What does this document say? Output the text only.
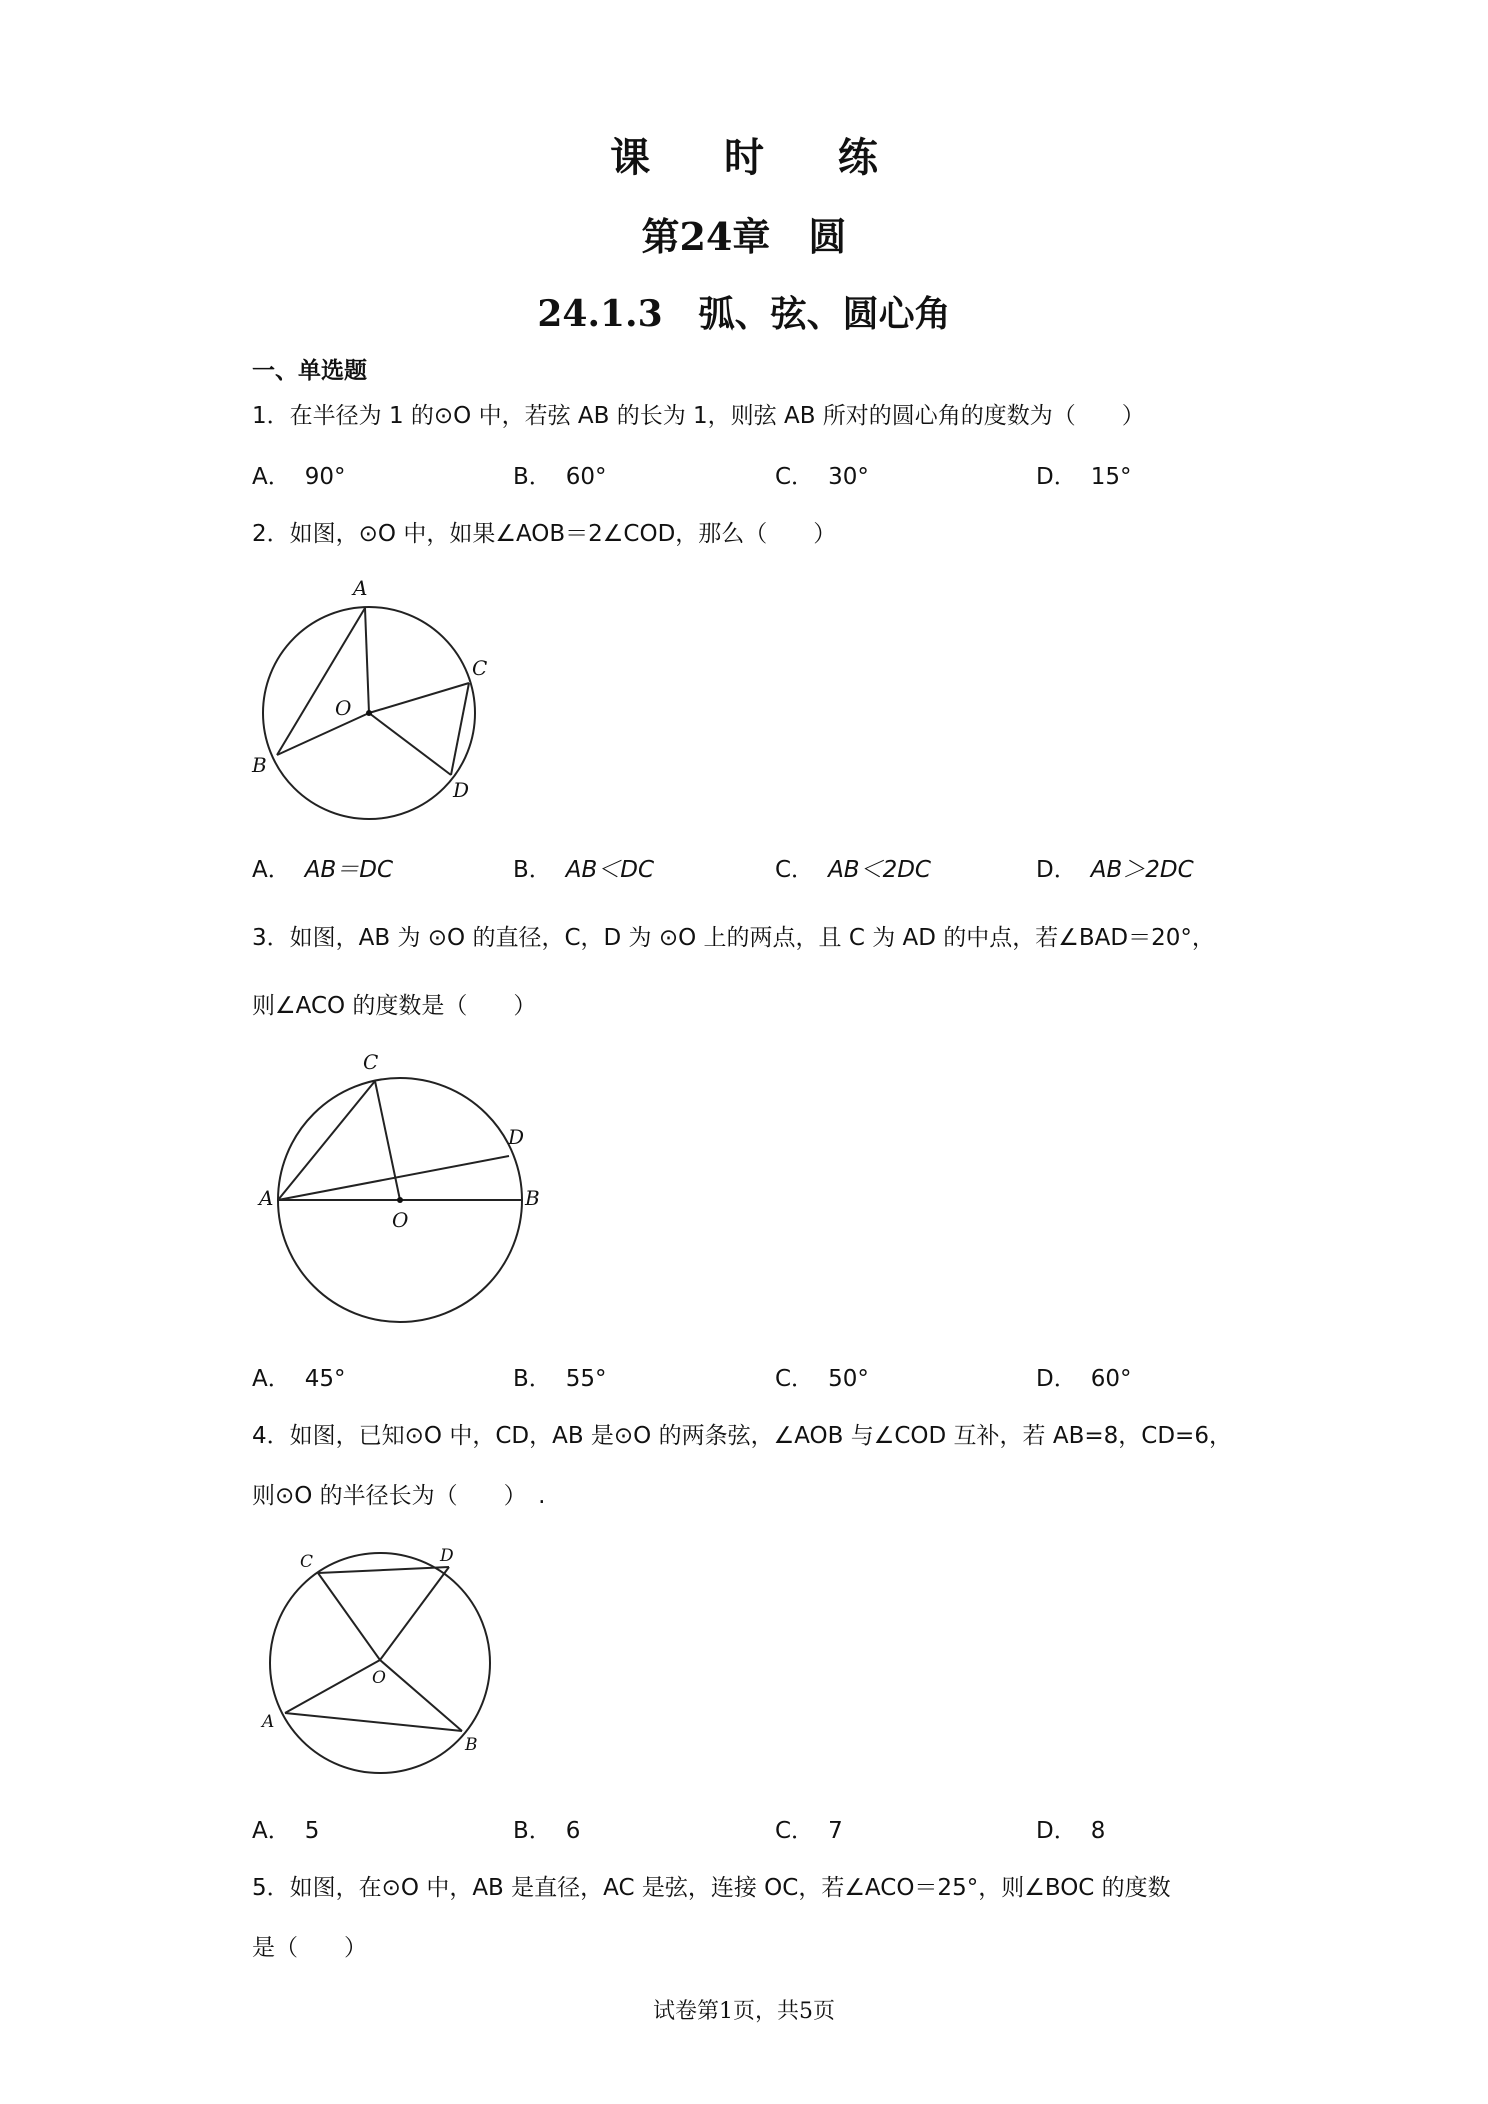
课 时 练
第24章　圆
24.1.3　弧、弦、圆心角
一、单选题
1．在半径为 1 的⊙O 中，若弦 AB 的长为 1，则弦 AB 所对的圆心角的度数为（　　）
A． 90°	B． 60°	C． 30°	D． 15°
2．如图，⊙O 中，如果∠AOB＝2∠COD，那么（　　）
A
B
C
D
O
A． AB＝DC	B． AB＜DC	C． AB＜2DC	D． AB＞2DC
3．如图，AB 为 ⊙O 的直径，C，D 为 ⊙O 上的两点，且 C 为 AD 的中点，若∠BAD＝20°，
则∠ACO 的度数是（　　）
A	B
C
D
O
A． 45°	B． 55°	C． 50°	D． 60°
4．如图，已知⊙O 中，CD，AB 是⊙O 的两条弦，∠AOB 与∠COD 互补，若 AB=8，CD=6，
则⊙O 的半径长为（　　）　.
C	D
O
A
B
A． 5	B． 6	C． 7	D． 8
5．如图，在⊙O 中，AB 是直径，AC 是弦，连接 OC，若∠ACO＝25°，则∠BOC 的度数
是（　　）
试卷第1页，共5页
